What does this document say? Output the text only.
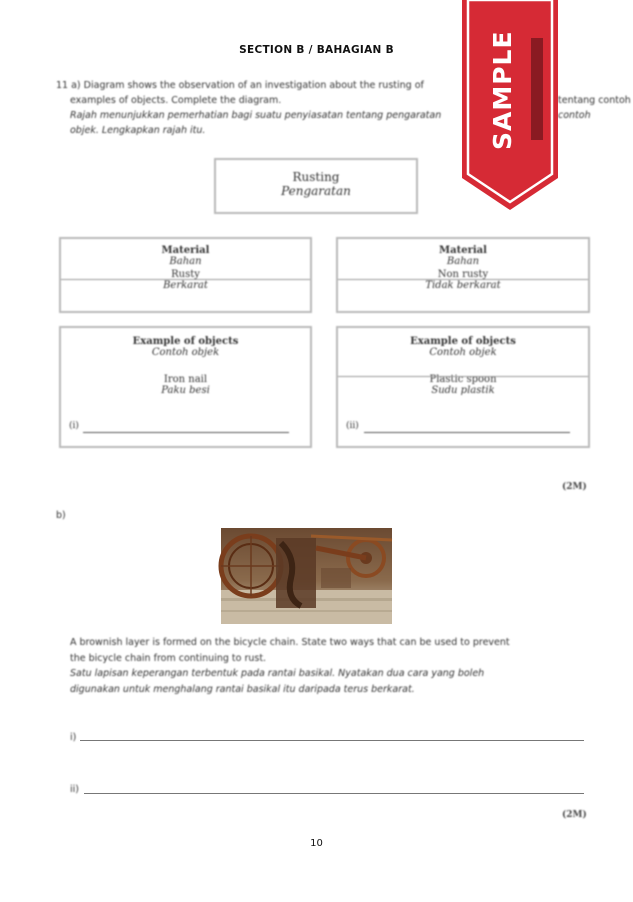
SECTION B / BAHAGIAN B
11 a) Diagram shows the observation of an investigation about the rusting of
examples of objects. Complete the diagram.
Rajah menunjukkan pemerhatian bagi suatu penyiasatan tentang pengaratan
objek. Lengkapkan rajah itu.
tentang contoh
contoh
Rusting
Pengaratan
Material
Bahan
Rusty
Berkarat
Material
Bahan
Non rusty
Tidak berkarat
Example of objects
Contoh objek
Iron nail
Paku besi
(i)
Example of objects
Contoh objek
Plastic spoon
Sudu plastik
(ii)
(2M)
b)
A brownish layer is formed on the bicycle chain. State two ways that can be used to prevent
the bicycle chain from continuing to rust.
Satu lapisan keperangan terbentuk pada rantai basikal. Nyatakan dua cara yang boleh
digunakan untuk menghalang rantai basikal itu daripada terus berkarat.
i)
ii)
(2M)
10
SAMPLE
